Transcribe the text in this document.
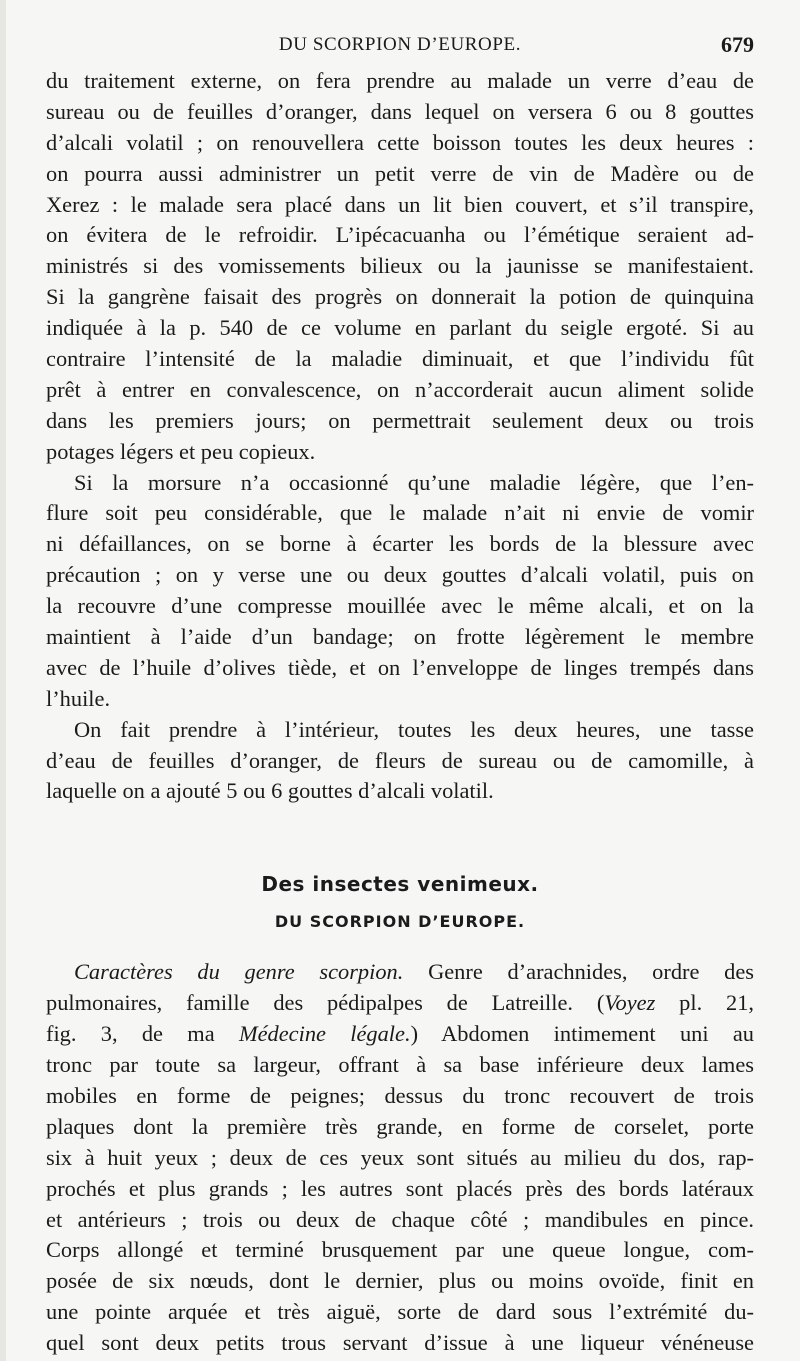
DU SCORPION D’EUROPE.	679
du traitement externe, on fera prendre au malade un verre d’eau de
sureau ou de feuilles d’oranger, dans lequel on versera 6 ou 8 gouttes
d’alcali volatil ; on renouvellera cette boisson toutes les deux heures :
on pourra aussi administrer un petit verre de vin de Madère ou de
Xerez : le malade sera placé dans un lit bien couvert, et s’il transpire,
on évitera de le refroidir. L’ipécacuanha ou l’émétique seraient ad-
ministrés si des vomissements bilieux ou la jaunisse se manifestaient.
Si la gangrène faisait des progrès on donnerait la potion de quinquina
indiquée à la p. 540 de ce volume en parlant du seigle ergoté. Si au
contraire l’intensité de la maladie diminuait, et que l’individu fût
prêt à entrer en convalescence, on n’accorderait aucun aliment solide
dans les premiers jours; on permettrait seulement deux ou trois
potages légers et peu copieux.
Si la morsure n’a occasionné qu’une maladie légère, que l’en-
flure soit peu considérable, que le malade n’ait ni envie de vomir
ni défaillances, on se borne à écarter les bords de la blessure avec
précaution ; on y verse une ou deux gouttes d’alcali volatil, puis on
la recouvre d’une compresse mouillée avec le même alcali, et on la
maintient à l’aide d’un bandage; on frotte légèrement le membre
avec de l’huile d’olives tiède, et on l’enveloppe de linges trempés dans
l’huile.
On fait prendre à l’intérieur, toutes les deux heures, une tasse
d’eau de feuilles d’oranger, de fleurs de sureau ou de camomille, à
laquelle on a ajouté 5 ou 6 gouttes d’alcali volatil.
Des insectes venimeux.
DU SCORPION D’EUROPE.
Caractères du genre scorpion. Genre d’arachnides, ordre des
pulmonaires, famille des pédipalpes de Latreille. (Voyez pl. 21,
fig. 3, de ma Médecine légale.) Abdomen intimement uni au
tronc par toute sa largeur, offrant à sa base inférieure deux lames
mobiles en forme de peignes; dessus du tronc recouvert de trois
plaques dont la première très grande, en forme de corselet, porte
six à huit yeux ; deux de ces yeux sont situés au milieu du dos, rap-
prochés et plus grands ; les autres sont placés près des bords latéraux
et antérieurs ; trois ou deux de chaque côté ; mandibules en pince.
Corps allongé et terminé brusquement par une queue longue, com-
posée de six nœuds, dont le dernier, plus ou moins ovoïde, finit en
une pointe arquée et très aiguë, sorte de dard sous l’extrémité du-
quel sont deux petits trous servant d’issue à une liqueur vénéneuse
